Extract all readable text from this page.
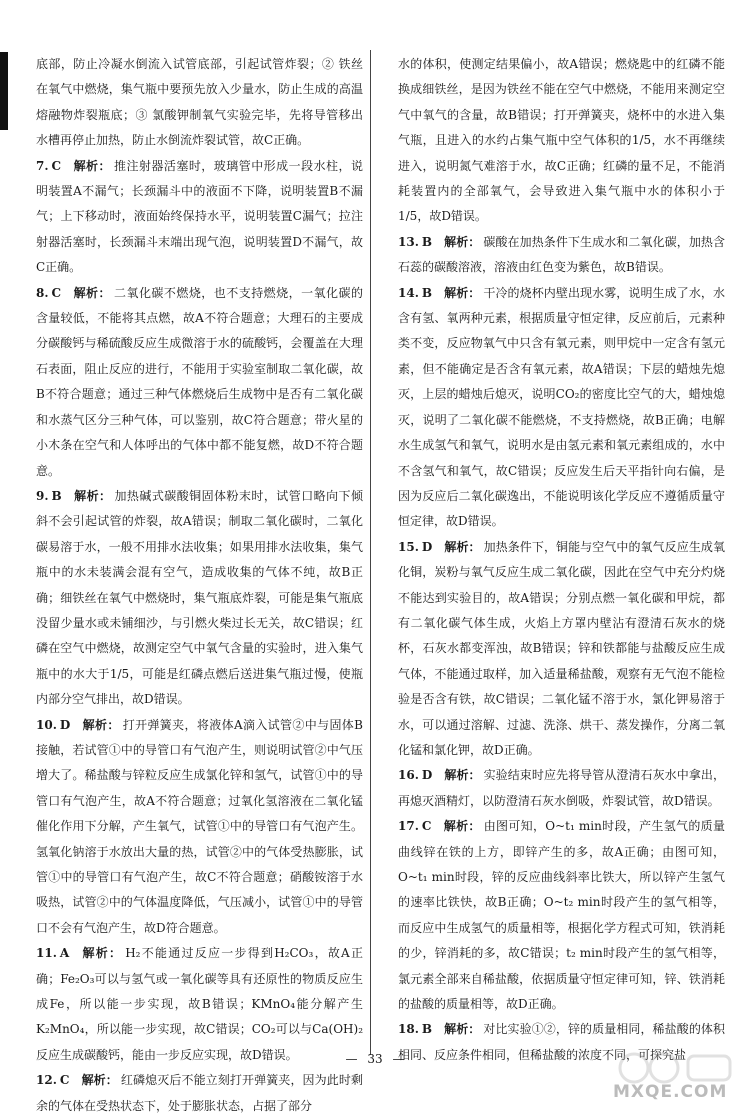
底部，防止冷凝水倒流入试管底部，引起试管炸裂；② 铁丝在氧气中燃烧，集气瓶中要预先放入少量水，防止生成的高温熔融物炸裂瓶底；③ 氯酸钾制氧气实验完毕，先将导管移出水槽再停止加热，防止水倒流炸裂试管，故C正确。

7. C 解析： 推注射器活塞时，玻璃管中形成一段水柱，说明装置A不漏气；长颈漏斗中的液面不下降，说明装置B不漏气；上下移动时，液面始终保持水平，说明装置C漏气；拉注射器活塞时，长颈漏斗末端出现气泡，说明装置D不漏气，故C正确。

8. C 解析： 二氧化碳不燃烧，也不支持燃烧，一氧化碳的含量较低，不能将其点燃，故A不符合题意；大理石的主要成分碳酸钙与稀硫酸反应生成微溶于水的硫酸钙，会覆盖在大理石表面，阻止反应的进行，不能用于实验室制取二氧化碳，故B不符合题意；通过三种气体燃烧后生成物中是否有二氧化碳和水蒸气区分三种气体，可以鉴别，故C符合题意；带火星的小木条在空气和人体呼出的气体中都不能复燃，故D不符合题意。

9. B 解析： 加热碱式碳酸铜固体粉末时，试管口略向下倾斜不会引起试管的炸裂，故A错误；制取二氧化碳时，二氧化碳易溶于水，一般不用排水法收集；如果用排水法收集，集气瓶中的水未装满会混有空气，造成收集的气体不纯，故B正确；细铁丝在氧气中燃烧时，集气瓶底炸裂，可能是集气瓶底没留少量水或未铺细沙，与引燃火柴过长无关，故C错误；红磷在空气中燃烧，故测定空气中氧气含量的实验时，进入集气瓶中的水大于1/5，可能是红磷点燃后送进集气瓶过慢，使瓶内部分空气排出，故D错误。

10. D 解析： 打开弹簧夹，将液体A滴入试管②中与固体B接触，若试管①中的导管口有气泡产生，则说明试管②中气压增大了。稀盐酸与锌粒反应生成氯化锌和氢气，试管①中的导管口有气泡产生，故A不符合题意；过氧化氢溶液在二氧化锰催化作用下分解，产生氧气，试管①中的导管口有气泡产生。氢氧化钠溶于水放出大量的热，试管②中的气体受热膨胀，试管①中的导管口有气泡产生，故C不符合题意；硝酸铵溶于水吸热，试管②中的气体温度降低，气压减小，试管①中的导管口不会有气泡产生，故D符合题意。

11. A 解析： H₂不能通过反应一步得到H₂CO₃，故A正确；Fe₂O₃可以与氢气或一氧化碳等具有还原性的物质反应生成Fe，所以能一步实现，故B错误；KMnO₄能分解产生K₂MnO₄，所以能一步实现，故C错误；CO₂可以与Ca(OH)₂反应生成碳酸钙，能由一步反应实现，故D错误。

12. C 解析： 红磷熄灭后不能立刻打开弹簧夹，因为此时剩余的气体在受热状态下，处于膨胀状态，占据了部分

水的体积，使测定结果偏小，故A错误；燃烧匙中的红磷不能换成细铁丝，是因为铁丝不能在空气中燃烧，不能用来测定空气中氧气的含量，故B错误；打开弹簧夹，烧杯中的水进入集气瓶，且进入的水约占集气瓶中空气体积的1/5，水不再继续进入，说明氮气难溶于水，故C正确；红磷的量不足，不能消耗装置内的全部氧气，会导致进入集气瓶中水的体积小于1/5，故D错误。

13. B 解析： 碳酸在加热条件下生成水和二氧化碳，加热含石蕊的碳酸溶液，溶液由红色变为紫色，故B错误。

14. B 解析： 干冷的烧杯内壁出现水雾，说明生成了水，水含有氢、氧两种元素，根据质量守恒定律，反应前后，元素种类不变，反应物氧气中只含有氧元素，则甲烷中一定含有氢元素，但不能确定是否含有氧元素，故A错误；下层的蜡烛先熄灭，上层的蜡烛后熄灭，说明CO₂的密度比空气的大，蜡烛熄灭，说明了二氧化碳不能燃烧，不支持燃烧，故B正确；电解水生成氢气和氧气，说明水是由氢元素和氧元素组成的，水中不含氢气和氧气，故C错误；反应发生后天平指针向右偏，是因为反应后二氧化碳逸出，不能说明该化学反应不遵循质量守恒定律，故D错误。

15. D 解析： 加热条件下，铜能与空气中的氧气反应生成氧化铜，炭粉与氧气反应生成二氧化碳，因此在空气中充分灼烧不能达到实验目的，故A错误；分别点燃一氧化碳和甲烷，都有二氧化碳气体生成，火焰上方罩内壁沾有澄清石灰水的烧杯，石灰水都变浑浊，故B错误；锌和铁都能与盐酸反应生成气体，不能通过取样，加入适量稀盐酸，观察有无气泡不能检验是否含有铁，故C错误；二氧化锰不溶于水，氯化钾易溶于水，可以通过溶解、过滤、洗涤、烘干、蒸发操作，分离二氧化锰和氯化钾，故D正确。

16. D 解析： 实验结束时应先将导管从澄清石灰水中拿出，再熄灭酒精灯，以防澄清石灰水倒吸，炸裂试管，故D错误。

17. C 解析： 由图可知，O~t₁ min时段，产生氢气的质量曲线锌在铁的上方，即锌产生的多，故A正确；由图可知，O~t₁ min时段，锌的反应曲线斜率比铁大，所以锌产生氢气的速率比铁快，故B正确；O~t₂ min时段产生的氢气相等，而反应中生成氢气的质量相等，根据化学方程式可知，铁消耗的少，锌消耗的多，故C错误；t₂ min时段产生的氢气相等，氯元素全部来自稀盐酸，依据质量守恒定律可知，锌、铁消耗的盐酸的质量相等，故D正确。

18. B 解析： 对比实验①②，锌的质量相同，稀盐酸的体积相同、反应条件相同，但稀盐酸的浓度不同，可探究盐

— 33 —
MXQE.COM
